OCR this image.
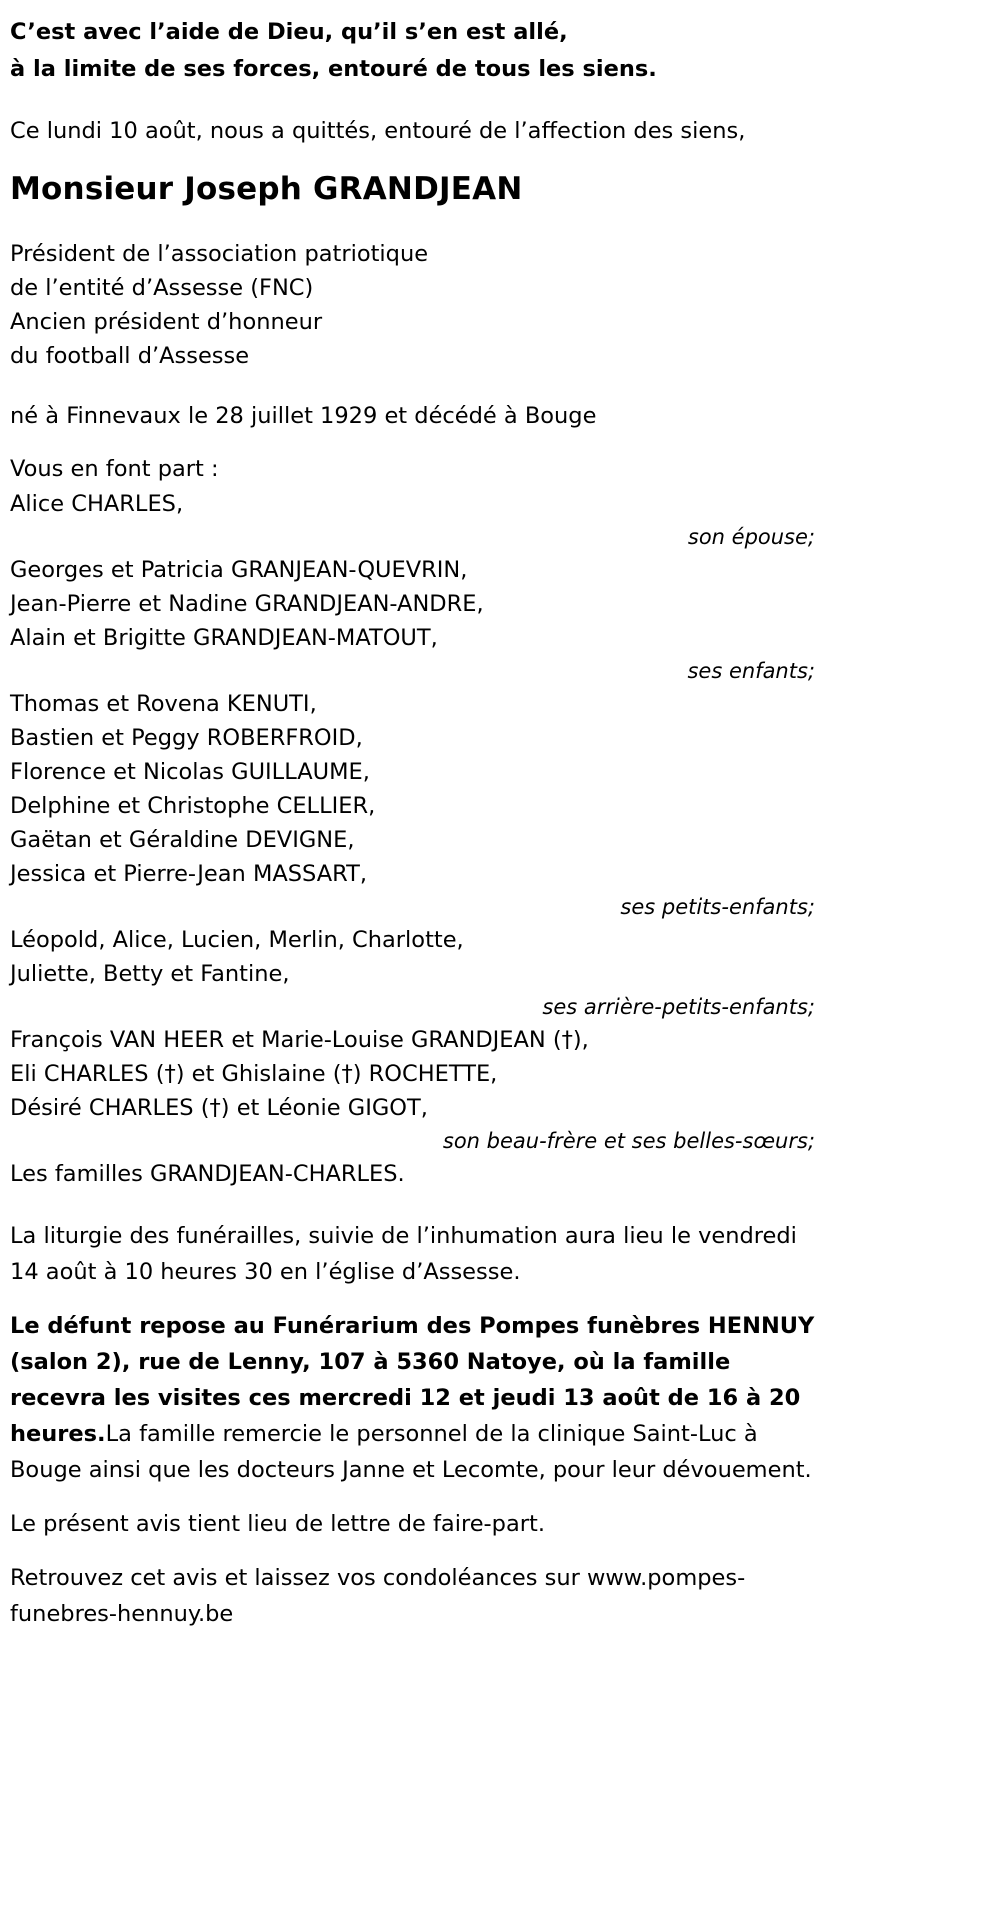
C’est avec l’aide de Dieu, qu’il s’en est allé,
à la limite de ses forces, entouré de tous les siens.
Ce lundi 10 août, nous a quittés, entouré de l’affection des siens,
Monsieur Joseph GRANDJEAN
Président de l’association patriotique
de l’entité d’Assesse (FNC)
Ancien président d’honneur
du football d’Assesse
né à Finnevaux le 28 juillet 1929 et décédé à Bouge
Vous en font part :
Alice CHARLES,
son épouse;
Georges et Patricia GRANJEAN-QUEVRIN,
Jean-Pierre et Nadine GRANDJEAN-ANDRE,
Alain et Brigitte GRANDJEAN-MATOUT,
ses enfants;
Thomas et Rovena KENUTI,
Bastien et Peggy ROBERFROID,
Florence et Nicolas GUILLAUME,
Delphine et Christophe CELLIER,
Gaëtan et Géraldine DEVIGNE,
Jessica et Pierre-Jean MASSART,
ses petits-enfants;
Léopold, Alice, Lucien, Merlin, Charlotte,
Juliette, Betty et Fantine,
ses arrière-petits-enfants;
François VAN HEER et Marie-Louise GRANDJEAN (†),
Eli CHARLES (†) et Ghislaine (†) ROCHETTE,
Désiré CHARLES (†) et Léonie GIGOT,
son beau-frère et ses belles-sœurs;
Les familles GRANDJEAN-CHARLES.
La liturgie des funérailles, suivie de l’inhumation aura lieu le vendredi 14 août à 10 heures 30 en l’église d’Assesse.
Le défunt repose au Funérarium des Pompes funèbres HENNUY (salon 2), rue de Lenny, 107 à 5360 Natoye, où la famille recevra les visites ces mercredi 12 et jeudi 13 août de 16 à 20 heures.La famille remercie le personnel de la clinique Saint-Luc à Bouge ainsi que les docteurs Janne et Lecomte, pour leur dévouement.
Le présent avis tient lieu de lettre de faire-part.
Retrouvez cet avis et laissez vos condoléances sur www.pompes-funebres-hennuy.be
